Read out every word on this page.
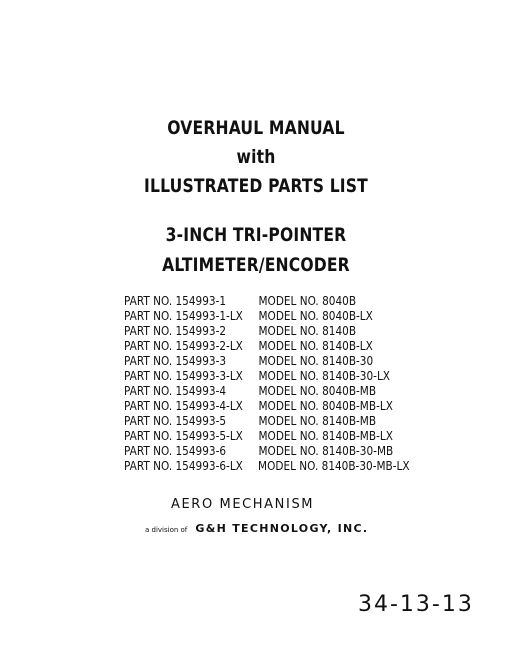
OVERHAUL MANUAL
with
ILLUSTRATED PARTS LIST
3-INCH TRI-POINTER
ALTIMETER/ENCODER
PART NO. 154993-1	MODEL NO. 8040B
PART NO. 154993-1-LX	MODEL NO. 8040B-LX
PART NO. 154993-2	MODEL NO. 8140B
PART NO. 154993-2-LX	MODEL NO. 8140B-LX
PART NO. 154993-3	MODEL NO. 8140B-30
PART NO. 154993-3-LX	MODEL NO. 8140B-30-LX
PART NO. 154993-4	MODEL NO. 8040B-MB
PART NO. 154993-4-LX	MODEL NO. 8040B-MB-LX
PART NO. 154993-5	MODEL NO. 8140B-MB
PART NO. 154993-5-LX	MODEL NO. 8140B-MB-LX
PART NO. 154993-6	MODEL NO. 8140B-30-MB
PART NO. 154993-6-LX	MODEL NO. 8140B-30-MB-LX
AERO MECHANISM
a division of G&H TECHNOLOGY, INC.
34-13-13
